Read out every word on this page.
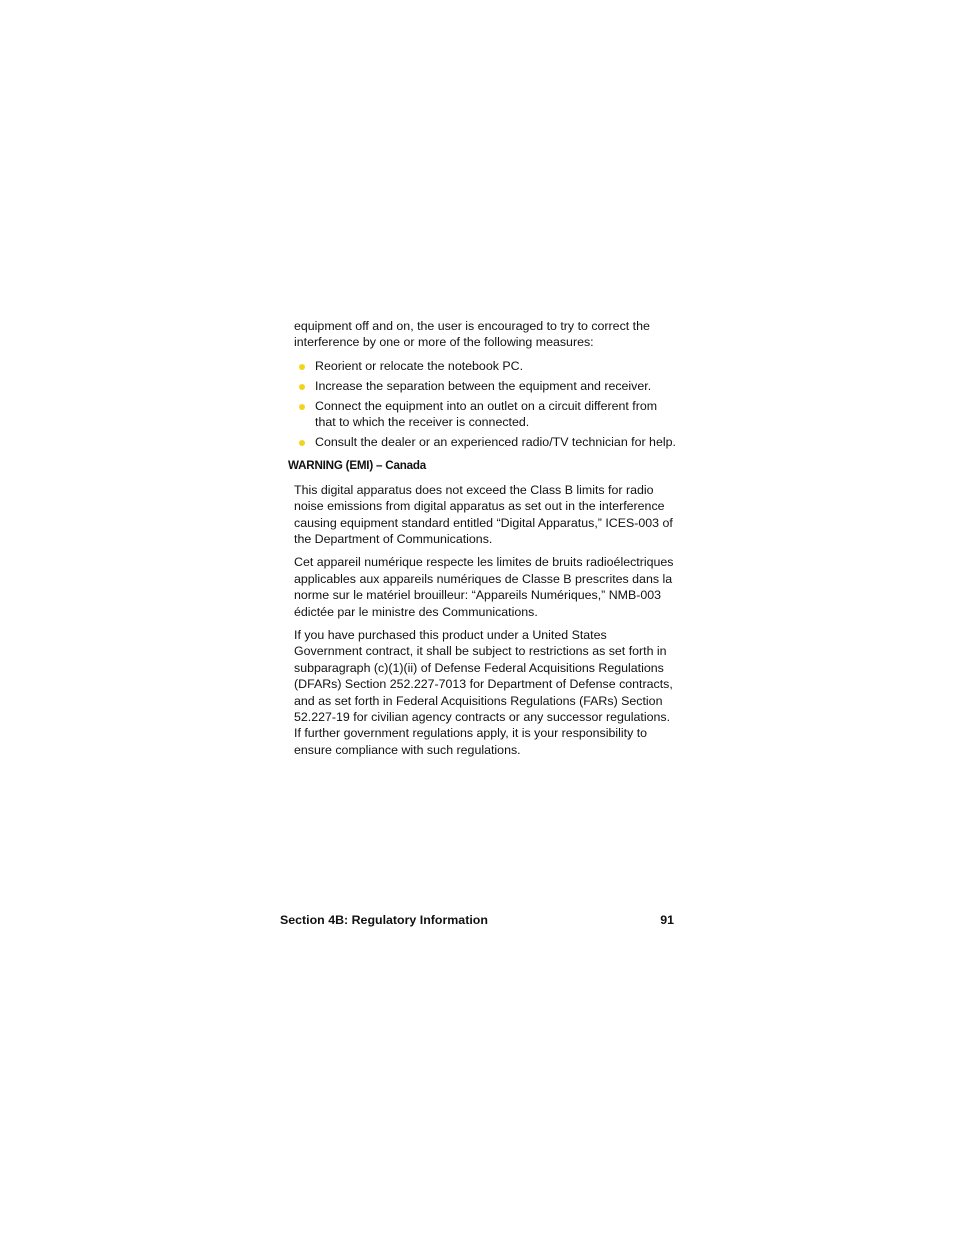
equipment off and on, the user is encouraged to try to correct the interference by one or more of the following measures:

Reorient or relocate the notebook PC.
Increase the separation between the equipment and receiver.
Connect the equipment into an outlet on a circuit different from that to which the receiver is connected.
Consult the dealer or an experienced radio/TV technician for help.

WARNING (EMI) – Canada

This digital apparatus does not exceed the Class B limits for radio noise emissions from digital apparatus as set out in the interference causing equipment standard entitled “Digital Apparatus,” ICES-003 of the Department of Communications.

Cet appareil numérique respecte les limites de bruits radioélectriques applicables aux appareils numériques de Classe B prescrites dans la norme sur le matériel brouilleur: “Appareils Numériques,” NMB-003 édictée par le ministre des Communications.

If you have purchased this product under a United States Government contract, it shall be subject to restrictions as set forth in subparagraph (c)(1)(ii) of Defense Federal Acquisitions Regulations (DFARs) Section 252.227-7013 for Department of Defense contracts, and as set forth in Federal Acquisitions Regulations (FARs) Section 52.227-19 for civilian agency contracts or any successor regulations. If further government regulations apply, it is your responsibility to ensure compliance with such regulations.

Section 4B: Regulatory Information	91
